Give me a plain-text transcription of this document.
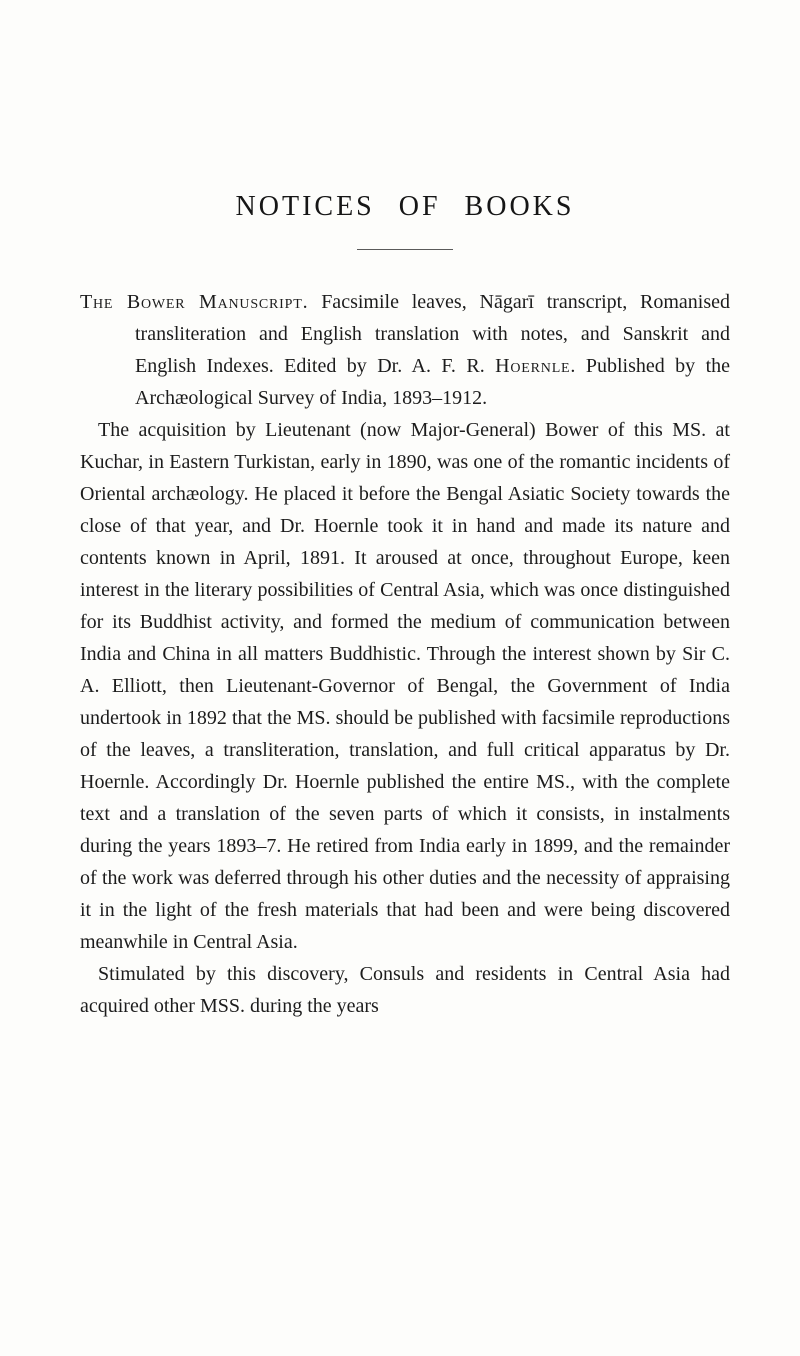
NOTICES OF BOOKS

The Bower Manuscript. Facsimile leaves, Nāgarī transcript, Romanised transliteration and English translation with notes, and Sanskrit and English Indexes. Edited by Dr. A. F. R. Hoernle. Published by the Archæological Survey of India, 1893–1912.

The acquisition by Lieutenant (now Major-General) Bower of this MS. at Kuchar, in Eastern Turkistan, early in 1890, was one of the romantic incidents of Oriental archæology. He placed it before the Bengal Asiatic Society towards the close of that year, and Dr. Hoernle took it in hand and made its nature and contents known in April, 1891. It aroused at once, throughout Europe, keen interest in the literary possibilities of Central Asia, which was once distinguished for its Buddhist activity, and formed the medium of communication between India and China in all matters Buddhistic. Through the interest shown by Sir C. A. Elliott, then Lieutenant-Governor of Bengal, the Government of India undertook in 1892 that the MS. should be published with facsimile reproductions of the leaves, a transliteration, translation, and full critical apparatus by Dr. Hoernle. Accordingly Dr. Hoernle published the entire MS., with the complete text and a translation of the seven parts of which it consists, in instalments during the years 1893–7. He retired from India early in 1899, and the remainder of the work was deferred through his other duties and the necessity of appraising it in the light of the fresh materials that had been and were being discovered meanwhile in Central Asia.

Stimulated by this discovery, Consuls and residents in Central Asia had acquired other MSS. during the years
